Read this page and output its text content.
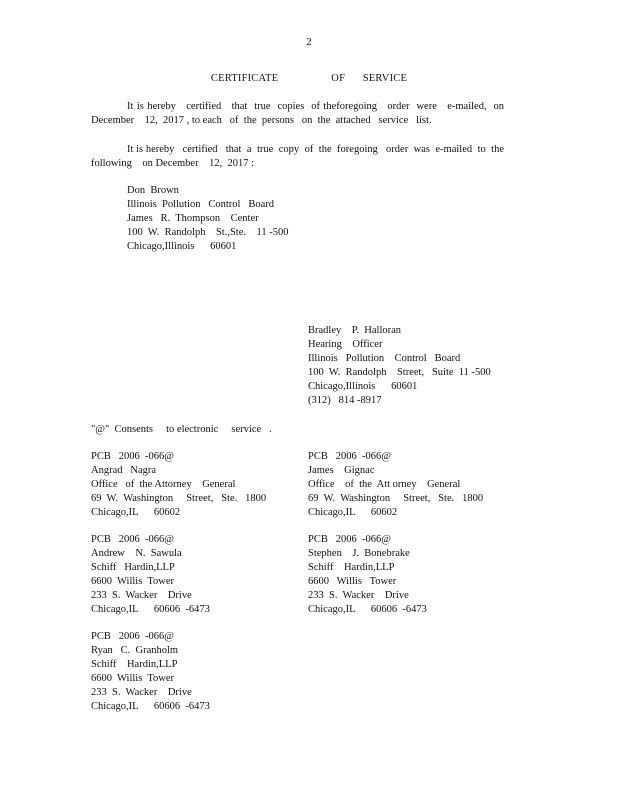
2
CERTIFICATE      OF  SERVICE
It is hereby   certified   that  true  copies  of theforegoing   order  were   e-mailed,  on December    12,  2017 , to each   of  the  persons   on  the  attached   service   list.
It is hereby   certified   that  a  true  copy  of  the  foregoing   order  was  e-mailed  to  the following    on December    12,  2017 :
Don  Brown
Illinois  Pollution   Control   Board
James   R.  Thompson    Center
100  W.  Randolph    St.,Ste.    11 -500
Chicago,Illinois      60601
Bradley    P.  Halloran
Hearing    Officer
Illinois   Pollution    Control   Board
100  W.  Randolph    Street,   Suite  11 -500
Chicago,Illinois      60601
(312)   814 -8917
"@"  Consents     to electronic     service   .
PCB   2006  -066@
Angrad   Nagra
Office   of  the Attorney    General
69  W.  Washington     Street,   Ste.   1800
Chicago,IL      60602
PCB   2006  -066@
James    Gignac
Office    of  the  Att orney    General
69  W.  Washington     Street,   Ste.   1800
Chicago,IL      60602
PCB   2006  -066@
Andrew    N.  Sawula
Schiff   Hardin,LLP
6600  Willis  Tower
233  S.  Wacker    Drive
Chicago,IL      60606  -6473
PCB   2006  -066@
Stephen    J.  Bonebrake
Schiff    Hardin,LLP
6600   Willis   Tower
233  S.  Wacker    Drive
Chicago,IL      60606  -6473
PCB   2006  -066@
Ryan   C.  Granholm
Schiff    Hardin,LLP
6600  Willis  Tower
233  S.  Wacker    Drive
Chicago,IL      60606  -6473
